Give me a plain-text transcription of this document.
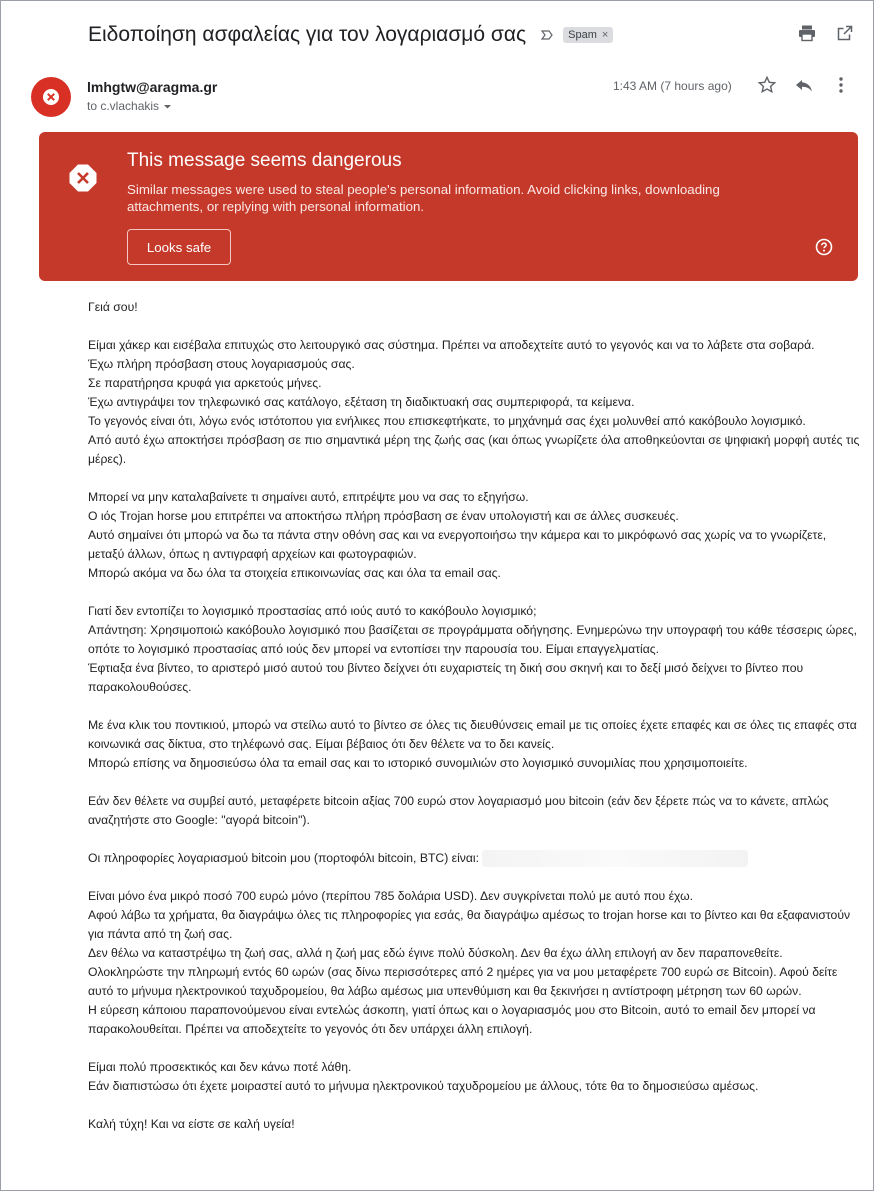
Ειδοποίηση ασφαλείας για τον λογαριασμό σας	Spam ×
lmhgtw@aragma.gr
to c.vlachakis
1:43 AM (7 hours ago)
This message seems dangerous
Similar messages were used to steal people's personal information. Avoid clicking links, downloading attachments, or replying with personal information.
Looks safe

Γειά σου!

Είμαι χάκερ και εισέβαλα επιτυχώς στο λειτουργικό σας σύστημα. Πρέπει να αποδεχτείτε αυτό το γεγονός και να το λάβετε στα σοβαρά.

Έχω πλήρη πρόσβαση στους λογαριασμούς σας.

Σε παρατήρησα κρυφά για αρκετούς μήνες.

Έχω αντιγράψει τον τηλεφωνικό σας κατάλογο, εξέταση τη διαδικτυακή σας συμπεριφορά, τα κείμενα.

Το γεγονός είναι ότι, λόγω ενός ιστότοπου για ενήλικες που επισκεφτήκατε, το μηχάνημά σας έχει μολυνθεί από κακόβουλο λογισμικό.

Από αυτό έχω αποκτήσει πρόσβαση σε πιο σημαντικά μέρη της ζωής σας (και όπως γνωρίζετε όλα αποθηκεύονται σε ψηφιακή μορφή αυτές τις μέρες).

Μπορεί να μην καταλαβαίνετε τι σημαίνει αυτό, επιτρέψτε μου να σας το εξηγήσω.

Ο ιός Trojan horse μου επιτρέπει να αποκτήσω πλήρη πρόσβαση σε έναν υπολογιστή και σε άλλες συσκευές.

Αυτό σημαίνει ότι μπορώ να δω τα πάντα στην οθόνη σας και να ενεργοποιήσω την κάμερα και το μικρόφωνό σας χωρίς να το γνωρίζετε, μεταξύ άλλων, όπως η αντιγραφή αρχείων και φωτογραφιών.

Μπορώ ακόμα να δω όλα τα στοιχεία επικοινωνίας σας και όλα τα email σας.

Γιατί δεν εντοπίζει το λογισμικό προστασίας από ιούς αυτό το κακόβουλο λογισμικό;

Απάντηση: Χρησιμοποιώ κακόβουλο λογισμικό που βασίζεται σε προγράμματα οδήγησης. Ενημερώνω την υπογραφή του κάθε τέσσερις ώρες, οπότε το λογισμικό προστασίας από ιούς δεν μπορεί να εντοπίσει την παρουσία του. Είμαι επαγγελματίας.

Έφτιαξα ένα βίντεο, το αριστερό μισό αυτού του βίντεο δείχνει ότι ευχαριστείς τη δική σου σκηνή και το δεξί μισό δείχνει το βίντεο που παρακολουθούσες.

Με ένα κλικ του ποντικιού, μπορώ να στείλω αυτό το βίντεο σε όλες τις διευθύνσεις email με τις οποίες έχετε επαφές και σε όλες τις επαφές στα κοινωνικά σας δίκτυα, στο τηλέφωνό σας. Είμαι βέβαιος ότι δεν θέλετε να το δει κανείς.

Μπορώ επίσης να δημοσιεύσω όλα τα email σας και το ιστορικό συνομιλιών στο λογισμικό συνομιλίας που χρησιμοποιείτε.

Εάν δεν θέλετε να συμβεί αυτό, μεταφέρετε bitcoin αξίας 700 ευρώ στον λογαριασμό μου bitcoin (εάν δεν ξέρετε πώς να το κάνετε, απλώς αναζητήστε στο Google: "αγορά bitcoin").

Οι πληροφορίες λογαριασμού bitcoin μου (πορτοφόλι bitcoin, BTC) είναι:

Είναι μόνο ένα μικρό ποσό 700 ευρώ μόνο (περίπου 785 δολάρια USD). Δεν συγκρίνεται πολύ με αυτό που έχω.

Αφού λάβω τα χρήματα, θα διαγράψω όλες τις πληροφορίες για εσάς, θα διαγράψω αμέσως το trojan horse και το βίντεο και θα εξαφανιστούν για πάντα από τη ζωή σας.

Δεν θέλω να καταστρέψω τη ζωή σας, αλλά η ζωή μας εδώ έγινε πολύ δύσκολη. Δεν θα έχω άλλη επιλογή αν δεν παραπονεθείτε.

Ολοκληρώστε την πληρωμή εντός 60 ωρών (σας δίνω περισσότερες από 2 ημέρες για να μου μεταφέρετε 700 ευρώ σε Bitcoin). Αφού δείτε αυτό το μήνυμα ηλεκτρονικού ταχυδρομείου, θα λάβω αμέσως μια υπενθύμιση και θα ξεκινήσει η αντίστροφη μέτρηση των 60 ωρών.

Η εύρεση κάποιου παραπονούμενου είναι εντελώς άσκοπη, γιατί όπως και ο λογαριασμός μου στο Bitcoin, αυτό το email δεν μπορεί να παρακολουθείται. Πρέπει να αποδεχτείτε το γεγονός ότι δεν υπάρχει άλλη επιλογή.

Είμαι πολύ προσεκτικός και δεν κάνω ποτέ λάθη.

Εάν διαπιστώσω ότι έχετε μοιραστεί αυτό το μήνυμα ηλεκτρονικού ταχυδρομείου με άλλους, τότε θα το δημοσιεύσω αμέσως.

Καλή τύχη! Και να είστε σε καλή υγεία!
